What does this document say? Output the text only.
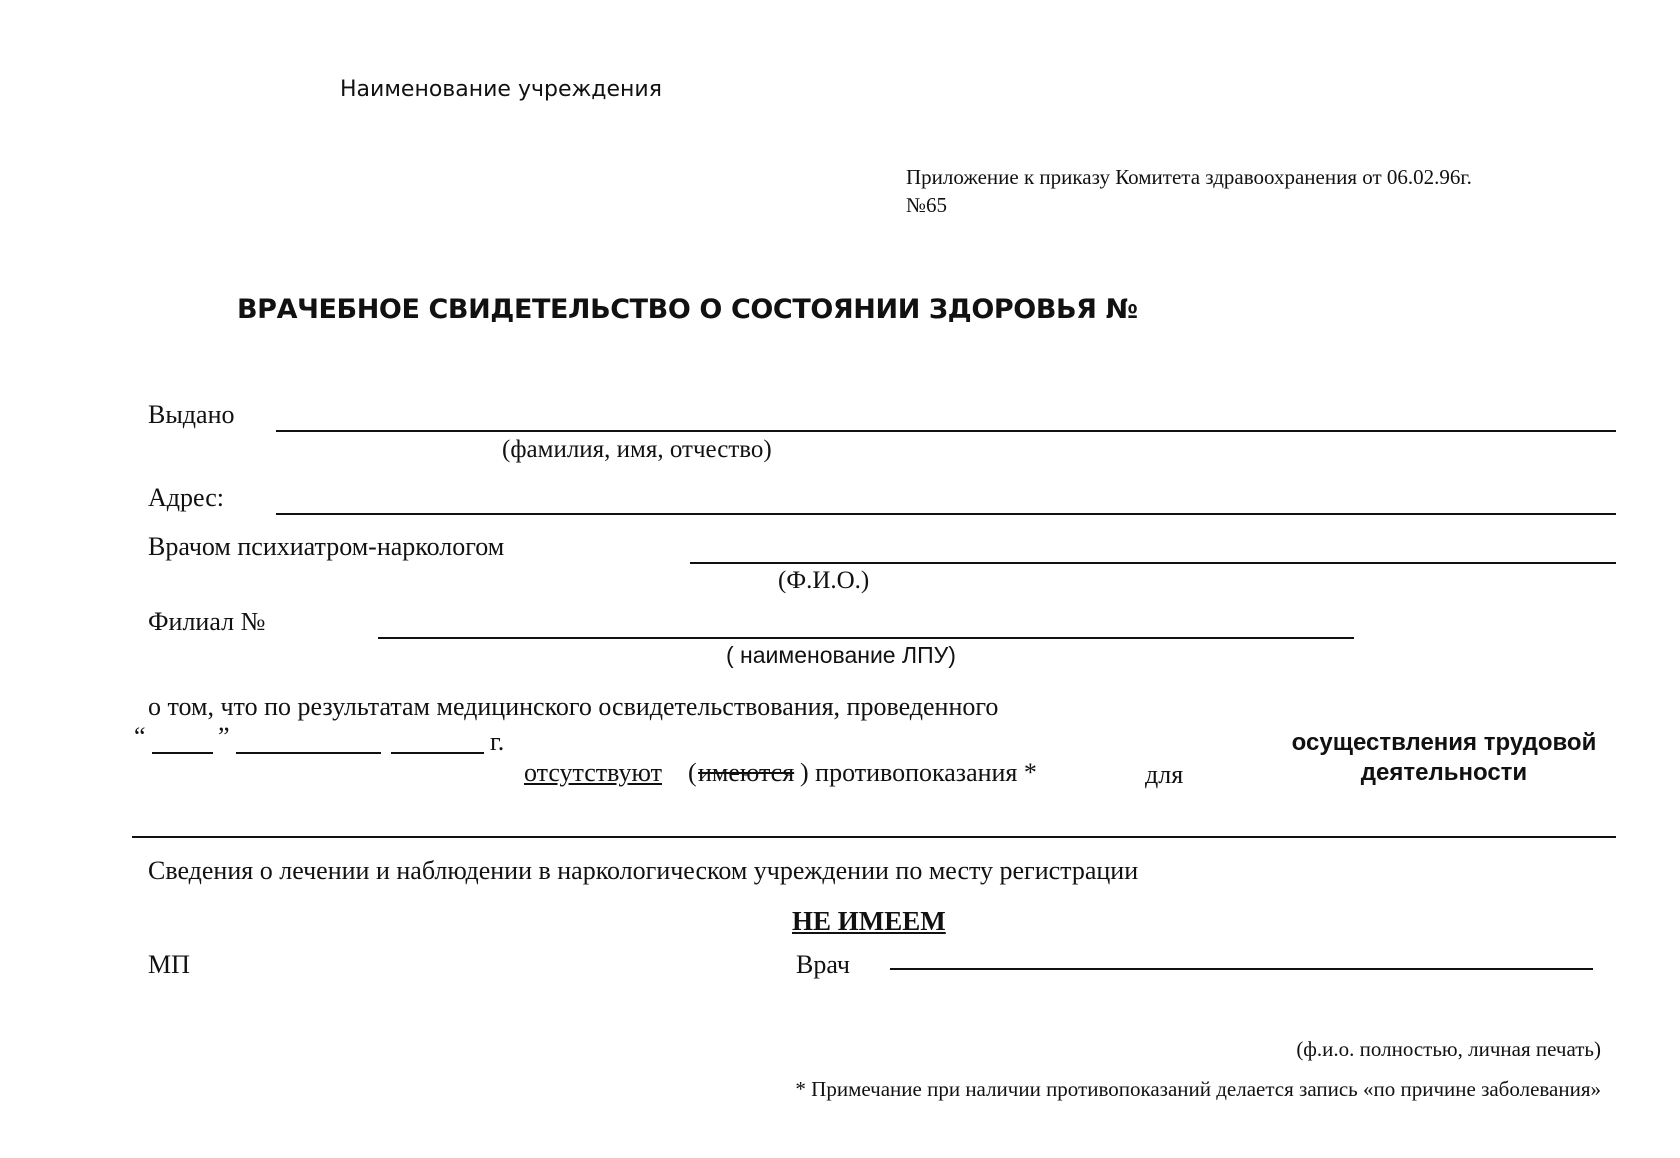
Наименование учреждения
Приложение к приказу Комитета здравоохранения от 06.02.96г.
№65
ВРАЧЕБНОЕ СВИДЕТЕЛЬСТВО О СОСТОЯНИИ ЗДОРОВЬЯ №
Выдано
(фамилия, имя, отчество)
Адрес:
Врачом психиатром-наркологом
(Ф.И.О.)
Филиал №
( наименование ЛПУ)
о том, что по результатам медицинского освидетельствования, проведенного
“	”	г.
отсутствуют ( имеются ) противопоказания *	для
осуществления трудовой
деятельности
Сведения о лечении и наблюдении в наркологическом учреждении по месту регистрации
НЕ ИМЕЕМ
МП	Врач
(ф.и.о. полностью, личная печать)
* Примечание при наличии противопоказаний делается запись «по причине заболевания»
